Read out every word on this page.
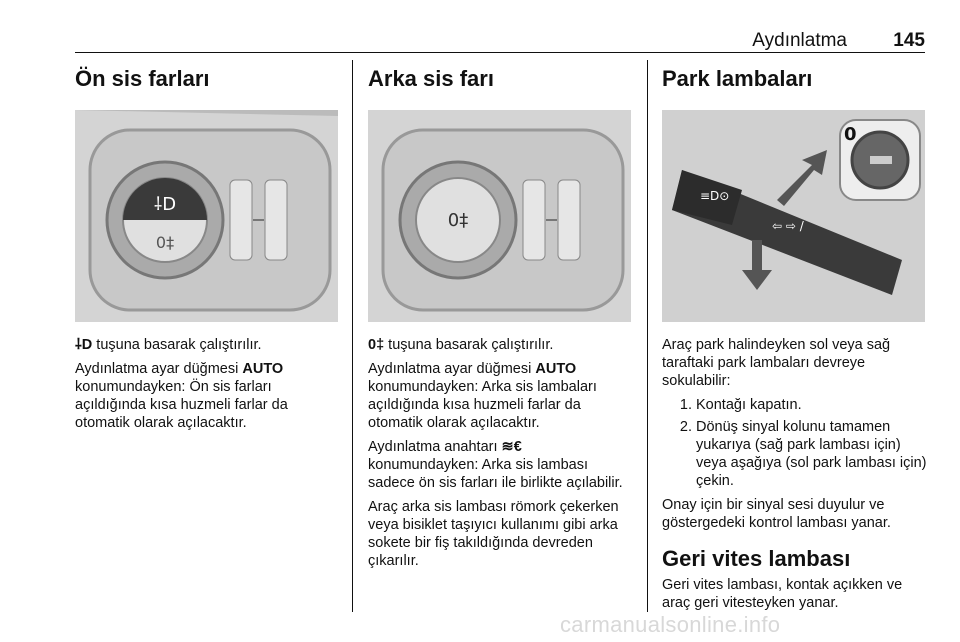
Aydınlatma 145
Ön sis farları
⸸D
0‡

⸸D tuşuna basarak çalıştırılır.

Aydınlatma ayar düğmesi AUTO konumundayken: Ön sis farları açıldığında kısa huzmeli farlar da otomatik olarak açılacaktır.

Arka sis farı
0‡

0‡ tuşuna basarak çalıştırılır.

Aydınlatma ayar düğmesi AUTO konumundayken: Arka sis lambaları açıldığında kısa huzmeli farlar da otomatik olarak açılacaktır.

Aydınlatma anahtarı ≋€ konumundayken: Arka sis lambası sadece ön sis farları ile birlikte açılabilir.

Araç arka sis lambası römork çekerken veya bisiklet taşıyıcı kullanımı gibi arka sokete bir fiş takıldığında devreden çıkarılır.

Park lambaları
≡D⊙
⇦ ⇨ /
0

Araç park halindeyken sol veya sağ taraftaki park lambaları devreye sokulabilir:

1. Kontağı kapatın.
2. Dönüş sinyal kolunu tamamen yukarıya (sağ park lambası için) veya aşağıya (sol park lambası için) çekin.

Onay için bir sinyal sesi duyulur ve göstergedeki kontrol lambası yanar.

Geri vites lambası

Geri vites lambası, kontak açıkken ve araç geri vitesteyken yanar.

carmanualsonline.info
